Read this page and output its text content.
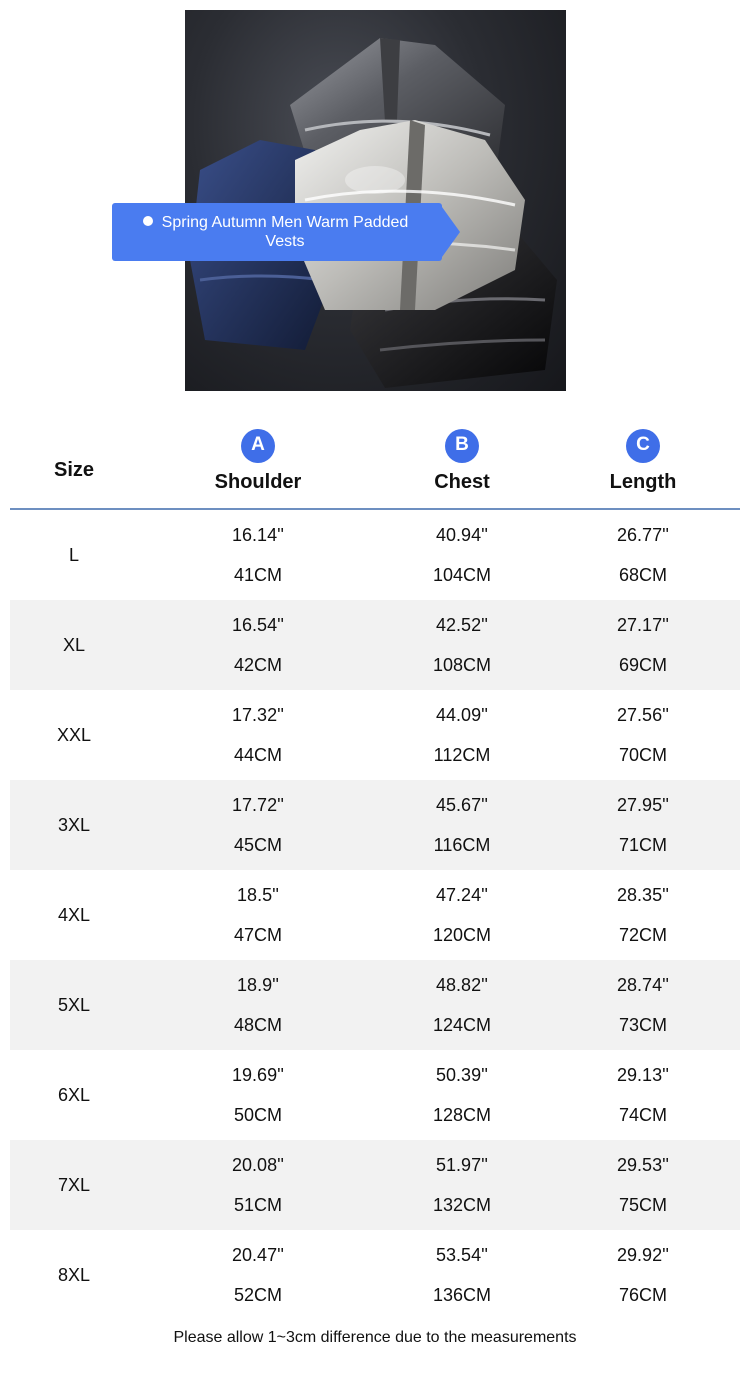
Spring Autumn Men Warm Padded Vests
Size
A
Shoulder
B
Chest
C
Length
L
16.14''
41CM
40.94''
104CM
26.77''
68CM
XL
16.54''
42CM
42.52''
108CM
27.17''
69CM
XXL
17.32''
44CM
44.09''
112CM
27.56''
70CM
3XL
17.72''
45CM
45.67''
116CM
27.95''
71CM
4XL
18.5''
47CM
47.24''
120CM
28.35''
72CM
5XL
18.9''
48CM
48.82''
124CM
28.74''
73CM
6XL
19.69''
50CM
50.39''
128CM
29.13''
74CM
7XL
20.08''
51CM
51.97''
132CM
29.53''
75CM
8XL
20.47''
52CM
53.54''
136CM
29.92''
76CM
Please allow 1~3cm difference due to the measurements
